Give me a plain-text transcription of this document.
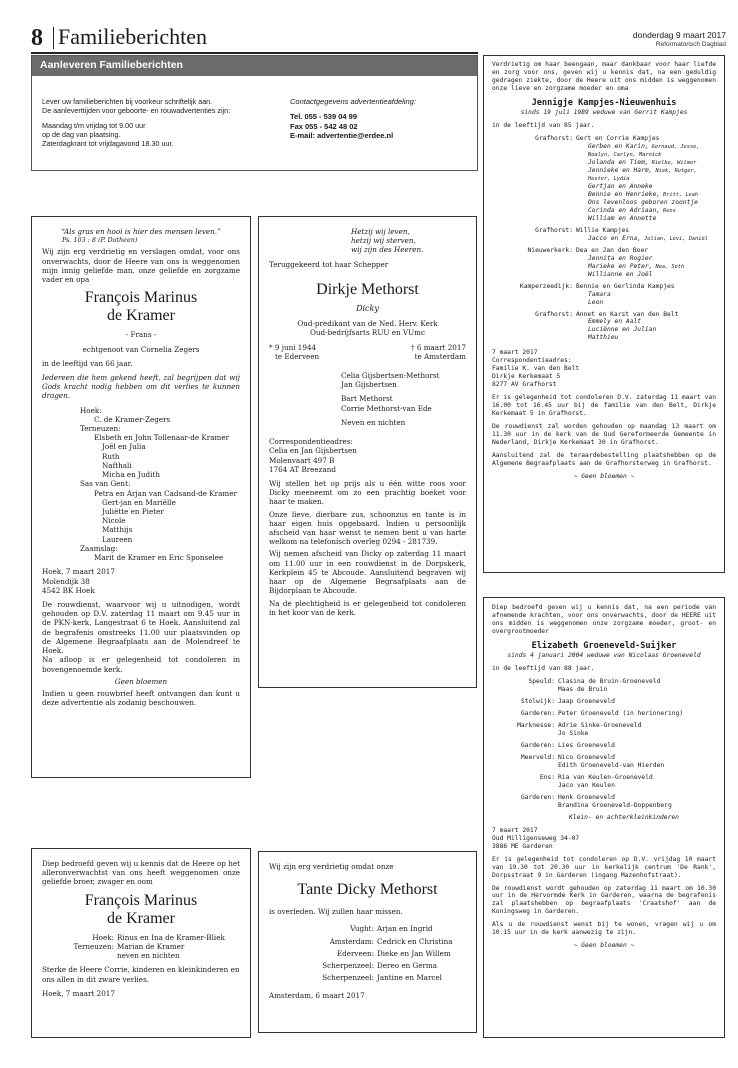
8 Familieberichten	donderdag 9 maart 2017
Reformatorisch Dagblad
Aanleveren Familieberichten

Lever uw familieberichten bij voorkeur schriftelijk aan.

De aanleverttijden voor geboorte- en rouwadvertenties zijn:

Maandag t/m vrijdag tot 9.00 uur

op de dag van plaatsing.

Zaterdagkrant tot vrijdagavond 18.30 uur.

Contactgegevens advertentieafdeling:

Tel. 055 - 539 04 99

Fax 055 - 542 48 02

E-mail: advertentie@erdee.nl

“Als gras en hooi is hier des mensen leven.”

Ps. 103 : 8 (P. Datheen)

Wij zijn erg verdrietig en verslagen omdat, voor ons onverwachts, door de Heere van ons is weggenomen mijn innig geliefde man, onze geliefde en zorgzame vader en opa

François Marinus

de Kramer

- Frans -

echtgenoot van Cornelia Zegers

in de leeftijd van 66 jaar.

Iedereen die hem gekend heeft, zal begrijpen dat wij Gods kracht nodig hebben om dit verlies te kunnen dragen.

Hoek:

C. de Kramer-Zegers

Terneuzen:

Elsbeth en John Tollenaar-de Kramer

Joël en Julia

Ruth

Nafthali

Micha en Judith

Sas van Gent:

Petra en Arjan van Cadsand-de Kramer

Gert-jan en Mariëlle

Juliëtte en Pieter

Nicole

Matthijs

Laureen

Zaamslag:

Marit de Kramer en Eric Sponselee

Hoek, 7 maart 2017

Molendijk 38

4542 BK Hoek

De rouwdienst, waarvoor wij u uitnodigen, wordt gehouden op D.V. zaterdag 11 maart om 9.45 uur in de PKN-kerk, Langestraat 6 te Hoek. Aansluitend zal de begrafenis omstreeks 11.00 uur plaatsvinden op de Algemene Begraafplaats aan de Molendreef te Hoek.

Na afloop is er gelegenheid tot condoleren in bovengenoemde kerk.

Geen bloemen

Indien u geen rouwbrief heeft ontvangen dan kunt u deze advertentie als zodanig beschouwen.

Hetzij wij leven,

hetzij wij sterven,

wij zijn des Heeren.

Teruggekeerd tot haar Schepper

Dirkje Methorst

Dicky

Oud-predikant van de Ned. Herv. Kerk

Oud-bedrijfsarts RUU en VUmc

* 9 juni 1944

te Ederveen

† 6 maart 2017

te Amsterdam

Celia Gijsbertsen-Methorst

Jan Gijsbertsen

Bart Methorst

Corrie Methorst-van Ede

Neven en nichten

Correspondentieadres:

Celia en Jan Gijsbertsen

Molenvaart 497 B

1764 AT Breezand

Wij stellen het op prijs als u één witte roos voor Dicky meeneemt om zo een prachtig boeket voor haar te maken.

Onze lieve, dierbare zus, schoonzus en tante is in haar eigen huis opgebaard. Indien u persoonlijk afscheid van haar wenst te nemen bent u van harte welkom na telefonisch overleg 0294 - 281739.

Wij nemen afscheid van Dicky op zaterdag 11 maart om 11.00 uur in een rouwdienst in de Dorpskerk, Kerkplein 45 te Abcoude. Aansluitend begraven wij haar op de Algemene Begraafplaats aan de Bijdorplaan te Abcoude.

Na de plechtigheid is er gelegenheid tot condoleren in het koor van de kerk.

Diep bedroefd geven wij u kennis dat de Heere op het alleronverwachtst van ons heeft weggenomen onze geliefde broer, zwager en oom

François Marinus

de Kramer

Hoek: Rinus en Ina de Kramer-Bliek
Terneuzen: Marian de Kramer
neven en nichten

Sterke de Heere Corrie, kinderen en kleinkinderen en ons allen in dit zware verlies.

Hoek, 7 maart 2017

Wij zijn erg verdrietig omdat onze

Tante Dicky Methorst

is overleden. Wij zullen haar missen.

Vught: Arjan en Ingrid
Amsterdam: Cedrick en Christina
Ederveen: Dieke en Jan Willem
Scherpenzeel: Dereo en Germa
Scherpenzeel: Jantine en Marcel

Amsterdam, 6 maart 2017

Verdrietig om haar beengaan, maar dankbaar voor haar liefde en zorg voor ons, geven wij u kennis dat, na een geduldig gedragen ziekte, door de Heere uit ons midden is weggenomen onze lieve en zorgzame moeder en oma

Jennigje Kampjes-Nieuwenhuis

sinds 19 juli 1989 weduwe van Gerrit Kampjes

in de leeftijd van 85 jaar.

Grafhorst: Gert en Corrie Kampjes
Gerben en Karin, Gernaud, Jesse,
Noalyn, Carlyn, Marnick
Jolanda en Tiem, Rielke, Wilmer
Jennieke en Harm, Niek, Rutger,
Hester, Lydia
Gertjan en Anneke
Bennie en Henrieke, Britt, Leah
Ons levenloos geboren zoontje
Corinda en Adriaan, Rens
William en Annette
Grafhorst: Willie Kampjes
Jacco en Erna, Julian, Levi, Daniël
Nieuwerkerk: Dea en Jan den Boer
Jennita en Rogier
Marieke en Peter, Noa, Seth
Willianne en Joël
Kamperzeedijk: Bennie en Gerlinda Kampjes
Tamara
Leon
Grafhorst: Annet en Karst van den Belt
Emmely en Aalt
Luciënne en Julian
Matthieu

7 maart 2017

Correspondentieadres:

Familie K. van den Belt

Dirkje Kerkemaat 5

8277 AV Grafhorst

Er is gelegenheid tot condoleren D.V. zaterdag 11 maart van 16.00 tot 16.45 uur bij de familie van den Belt, Dirkje Kerkemaat 5 in Grafhorst.

De rouwdienst zal worden gehouden op maandag 13 maart om 11.30 uur in de kerk van de Oud Gereformeerde Gemeente in Nederland, Dirkje Kerkemaat 30 in Grafhorst.

Aansluitend zal de teraardebestelling plaatshebben op de Algemene Begraafplaats aan de Grafhorsterweg in Grafhorst.

~ Geen bloemen ~

Diep bedroefd geven wij u kennis dat, na een periode van afnemende krachten, voor ons onverwachts, door de HEERE uit ons midden is weggenomen onze zorgzame moeder, groot- en overgrootmoeder

Elizabeth Groeneveld-Suijker

sinds 4 januari 2004 weduwe van Nicolaas Groeneveld

in de leeftijd van 88 jaar.

Speuld: Clasina de Bruin-Groeneveld
Maas de Bruin
Stolwijk: Jaap Groeneveld
Garderen: Peter Groeneveld (in herinnering)
Marknesse: Adrie Sinke-Groeneveld
Jo Sinke
Garderen: Lies Groeneveld
Meerveld: Nico Groeneveld
Edith Groeneveld-van Hierden
Ens: Ria van Keulen-Groeneveld
Jaco van Keulen
Garderen: Henk Groeneveld
Brandina Groeneveld-Doppenberg

Klein- en achterkleinkinderen

7 maart 2017

Oud Milligenseweg 34-07

3886 ME Garderen

Er is gelegenheid tot condoleren op D.V. vrijdag 10 maart van 19.30 tot 20.30 uur in kerkelijk centrum 'De Rank', Dorpsstraat 9 in Garderen (ingang Mazenhofstraat).

De rouwdienst wordt gehouden op zaterdag 11 maart om 10.30 uur in de Hervormde Kerk in Garderen, waarna de begrafenis zal plaatshebben op begraafplaats 'Craatshof' aan de Koningsweg in Garderen.

Als u de rouwdienst wenst bij te wonen, vragen wij u om 10.15 uur in de kerk aanwezig te zijn.

~ Geen bloemen ~
